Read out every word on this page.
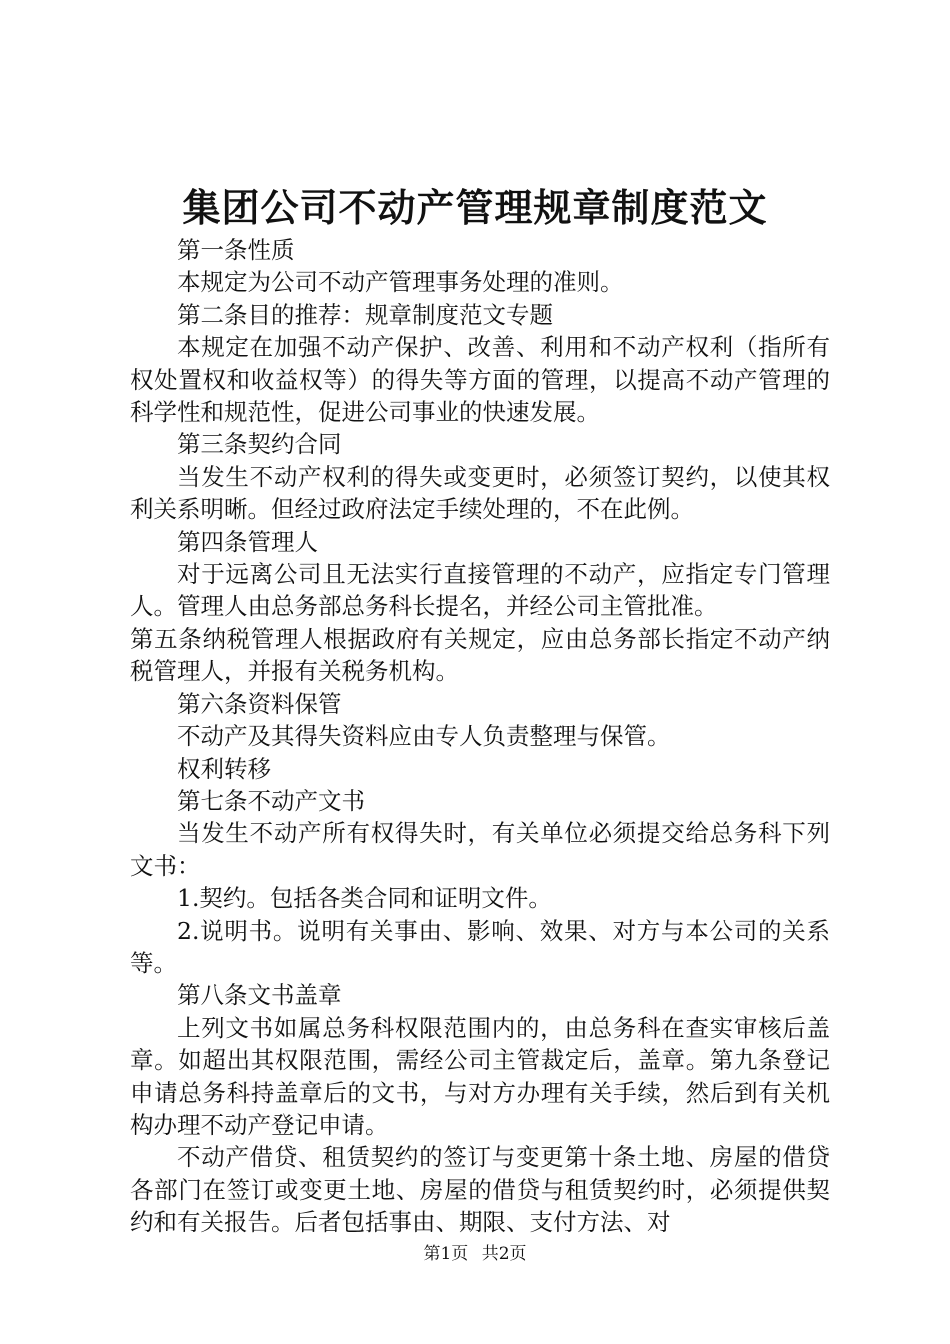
集团公司不动产管理规章制度范文

第一条性质

本规定为公司不动产管理事务处理的准则。

第二条目的推荐：规章制度范文专题

本规定在加强不动产保护、改善、利用和不动产权利（指所有权处置权和收益权等）的得失等方面的管理，以提高不动产管理的科学性和规范性，促进公司事业的快速发展。

第三条契约合同

当发生不动产权利的得失或变更时，必须签订契约，以使其权利关系明晰。但经过政府法定手续处理的，不在此例。

第四条管理人

对于远离公司且无法实行直接管理的不动产，应指定专门管理人。管理人由总务部总务科长提名，并经公司主管批准。

第五条纳税管理人根据政府有关规定，应由总务部长指定不动产纳税管理人，并报有关税务机构。

第六条资料保管

不动产及其得失资料应由专人负责整理与保管。

权利转移

第七条不动产文书

当发生不动产所有权得失时，有关单位必须提交给总务科下列文书：

1.契约。包括各类合同和证明文件。

2.说明书。说明有关事由、影响、效果、对方与本公司的关系等。

第八条文书盖章

上列文书如属总务科权限范围内的，由总务科在查实审核后盖章。如超出其权限范围，需经公司主管裁定后，盖章。第九条登记申请总务科持盖章后的文书，与对方办理有关手续，然后到有关机构办理不动产登记申请。

不动产借贷、租赁契约的签订与变更第十条土地、房屋的借贷各部门在签订或变更土地、房屋的借贷与租赁契约时，必须提供契约和有关报告。后者包括事由、期限、支付方法、对

第1页 共2页
